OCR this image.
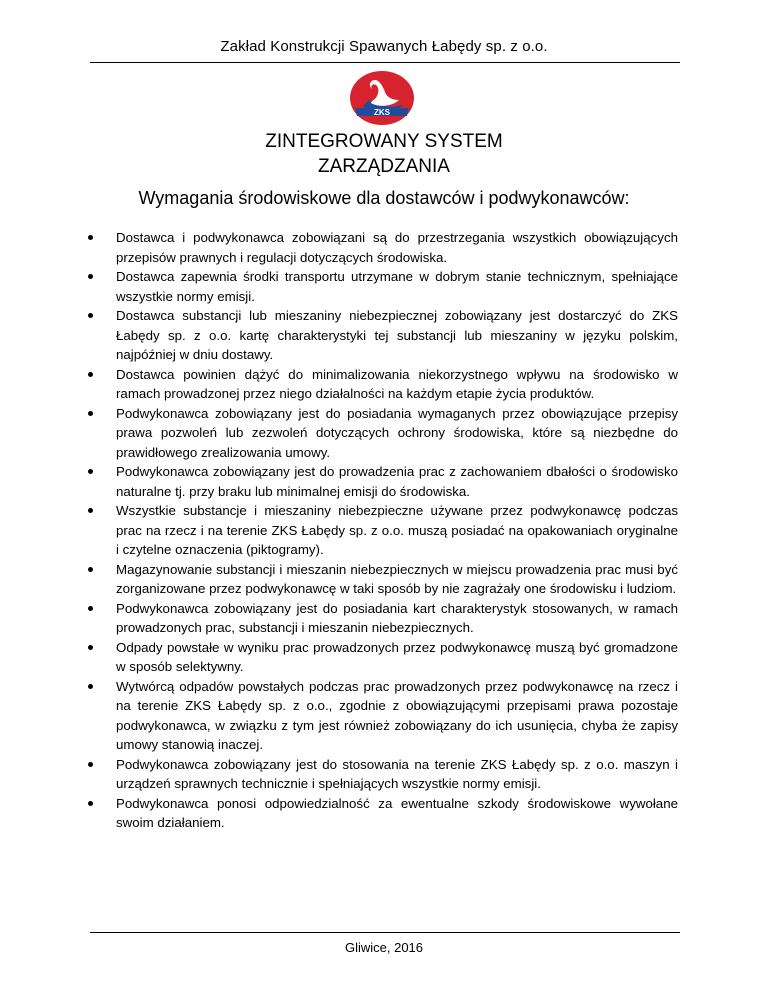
Zakład Konstrukcji Spawanych Łabędy sp. z o.o.
ZKS
ZINTEGROWANY SYSTEM
ZARZĄDZANIA
Wymagania środowiskowe dla dostawców i podwykonawców:
Dostawca i podwykonawca zobowiązani są do przestrzegania wszystkich obowiązujących przepisów prawnych i regulacji dotyczących środowiska.
Dostawca zapewnia środki transportu utrzymane w dobrym stanie technicznym, spełniające wszystkie normy emisji.
Dostawca substancji lub mieszaniny niebezpiecznej zobowiązany jest dostarczyć do ZKS Łabędy sp. z o.o. kartę charakterystyki tej substancji lub mieszaniny w języku polskim, najpóźniej w dniu dostawy.
Dostawca powinien dążyć do minimalizowania niekorzystnego wpływu na środowisko w ramach prowadzonej przez niego działalności na każdym etapie życia produktów.
Podwykonawca zobowiązany jest do posiadania wymaganych przez obowiązujące przepisy prawa pozwoleń lub zezwoleń dotyczących ochrony środowiska, które są niezbędne do prawidłowego zrealizowania umowy.
Podwykonawca zobowiązany jest do prowadzenia prac z zachowaniem dbałości o środowisko naturalne tj. przy braku lub minimalnej emisji do środowiska.
Wszystkie substancje i mieszaniny niebezpieczne używane przez podwykonawcę podczas prac na rzecz i na terenie ZKS Łabędy sp. z o.o. muszą posiadać na opakowaniach oryginalne i czytelne oznaczenia (piktogramy).
Magazynowanie substancji i mieszanin niebezpiecznych w miejscu prowadzenia prac musi być zorganizowane przez podwykonawcę w taki sposób by nie zagrażały one środowisku i ludziom.
Podwykonawca zobowiązany jest do posiadania kart charakterystyk stosowanych, w ramach prowadzonych prac, substancji i mieszanin niebezpiecznych.
Odpady powstałe w wyniku prac prowadzonych przez podwykonawcę muszą być gromadzone w sposób selektywny.
Wytwórcą odpadów powstałych podczas prac prowadzonych przez podwykonawcę na rzecz i na terenie ZKS Łabędy sp. z o.o., zgodnie z obowiązującymi przepisami prawa pozostaje podwykonawca, w związku z tym jest również zobowiązany do ich usunięcia, chyba że zapisy umowy stanowią inaczej.
Podwykonawca zobowiązany jest do stosowania na terenie ZKS Łabędy sp. z o.o. maszyn i urządzeń sprawnych technicznie i spełniających wszystkie normy emisji.
Podwykonawca ponosi odpowiedzialność za ewentualne szkody środowiskowe wywołane swoim działaniem.
Gliwice, 2016
